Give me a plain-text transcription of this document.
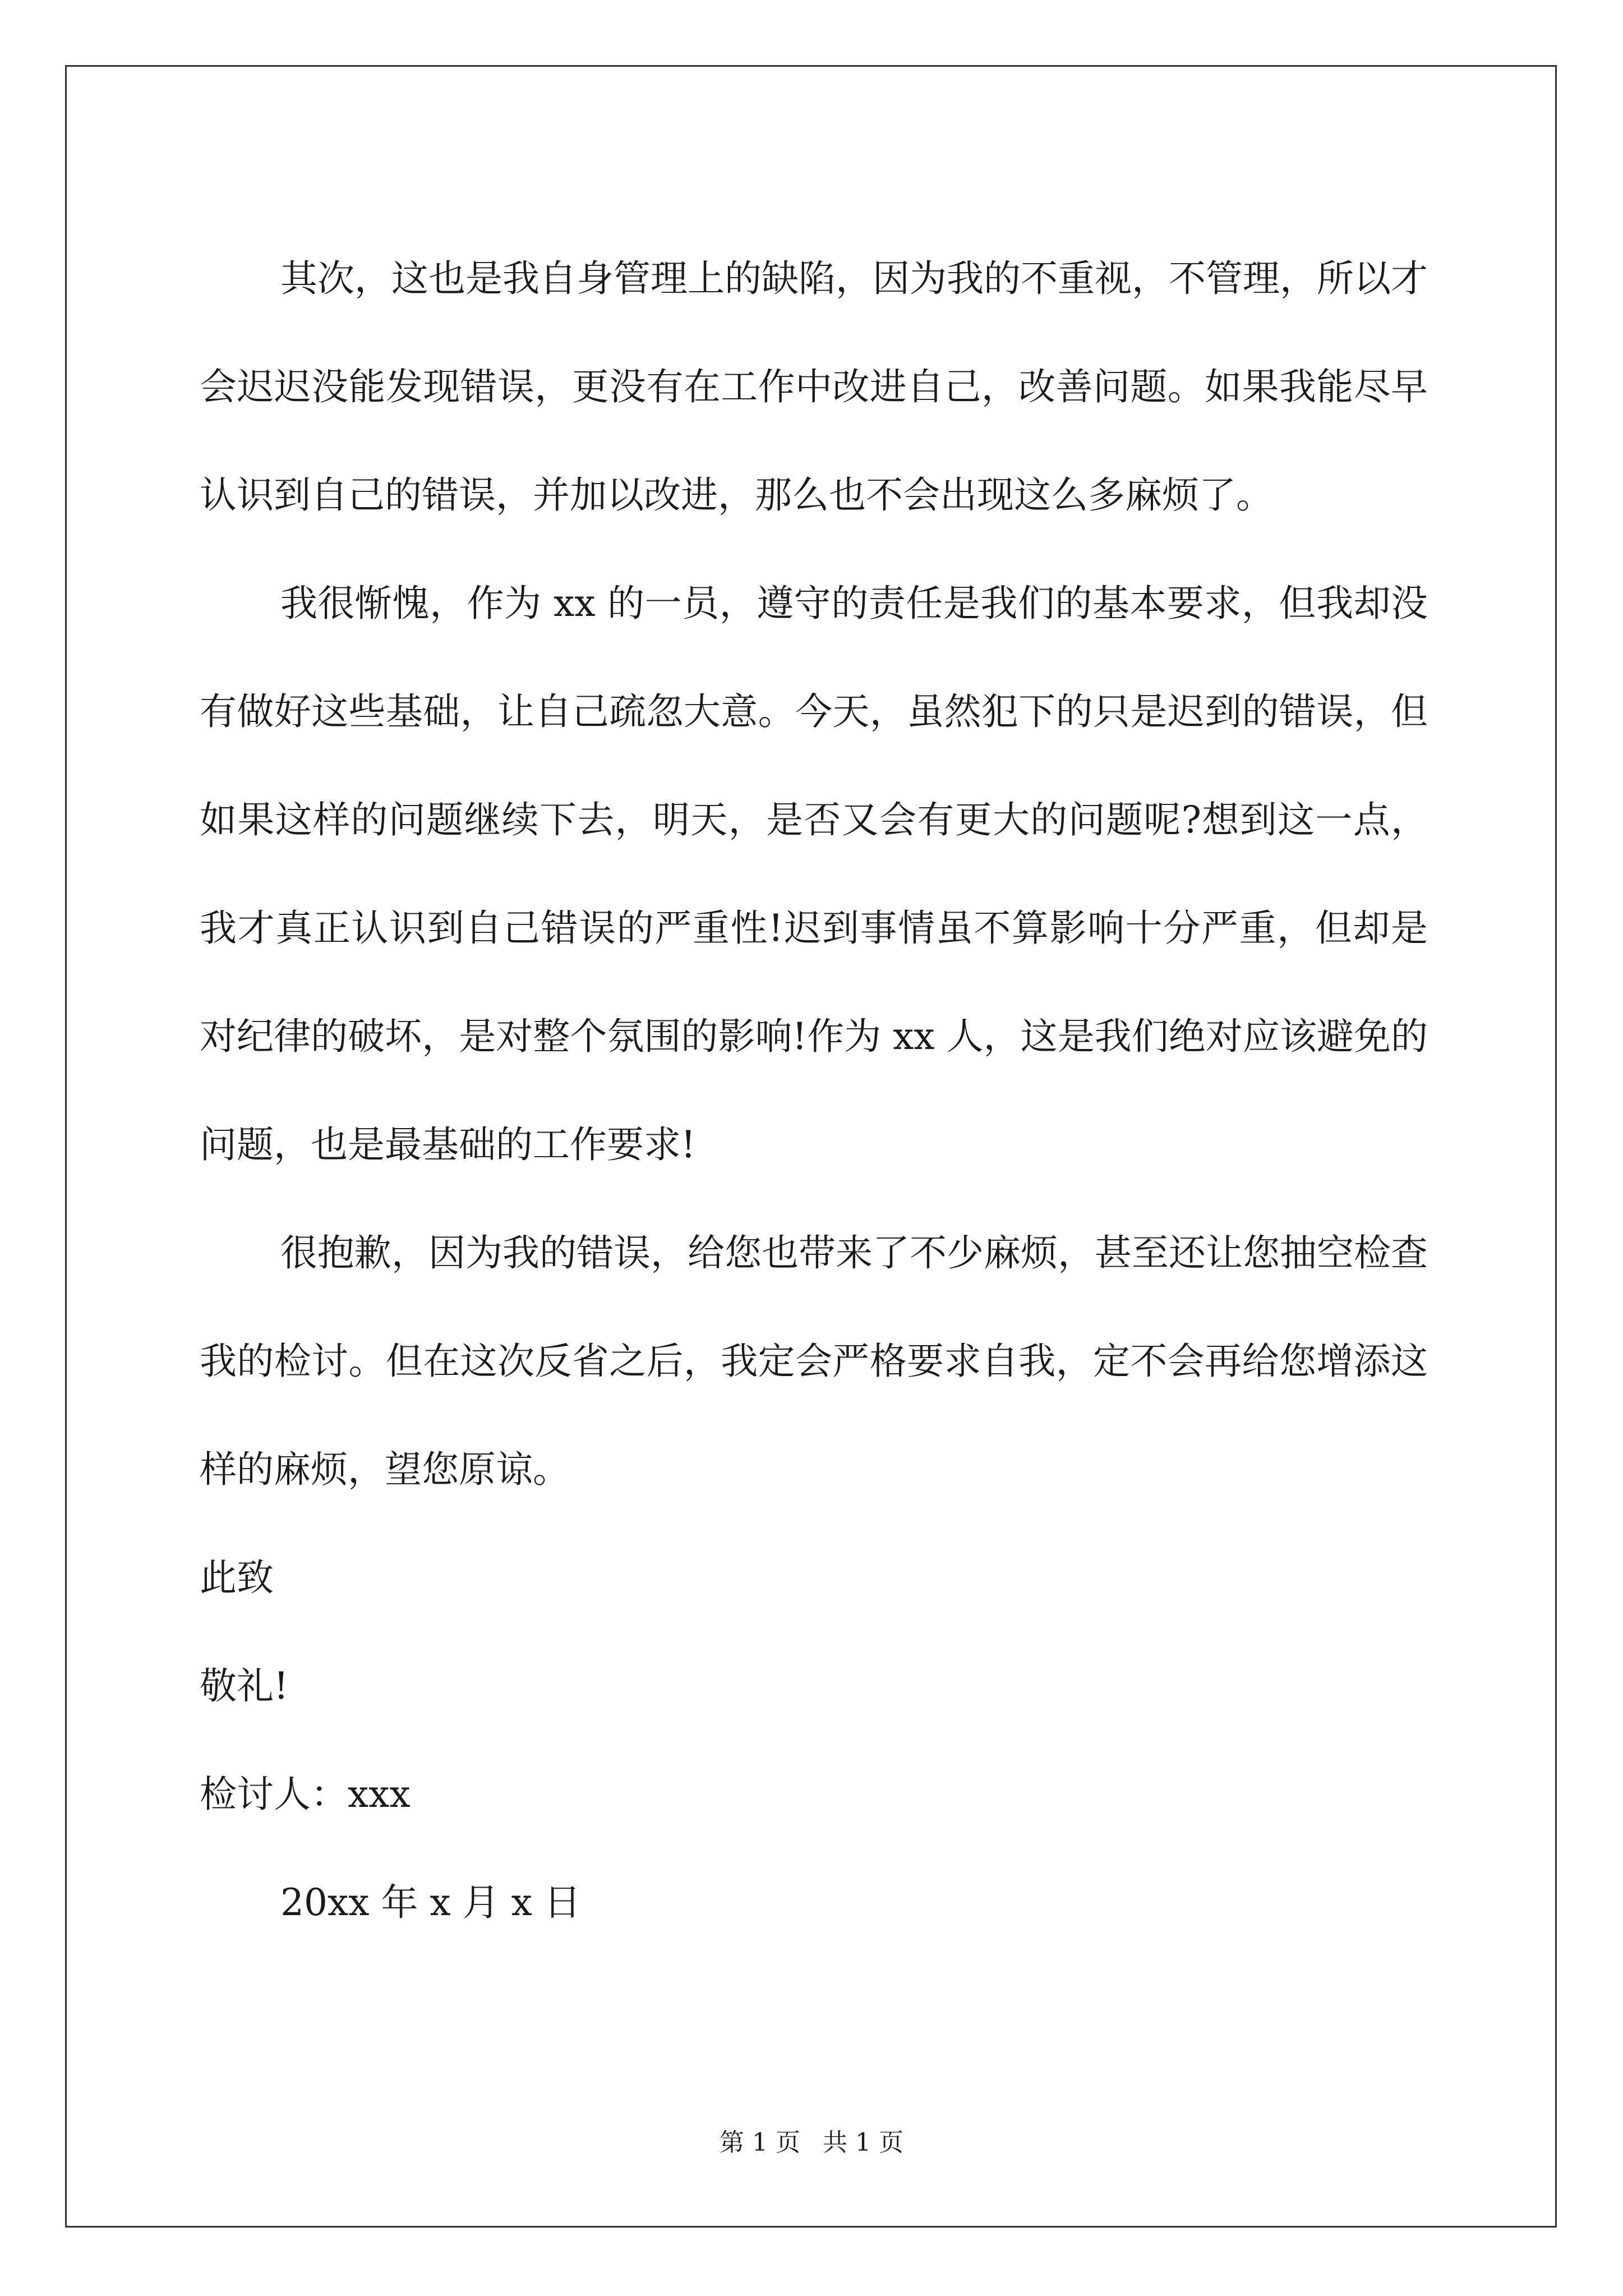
其次，这也是我自身管理上的缺陷，因为我的不重视，不管理，所以才会迟迟没能发现错误，更没有在工作中改进自己，改善问题。如果我能尽早认识到自己的错误，并加以改进，那么也不会出现这么多麻烦了。

我很惭愧，作为 xx 的一员，遵守的责任是我们的基本要求，但我却没有做好这些基础，让自己疏忽大意。今天，虽然犯下的只是迟到的错误，但如果这样的问题继续下去，明天，是否又会有更大的问题呢?想到这一点，我才真正认识到自己错误的严重性!迟到事情虽不算影响十分严重，但却是对纪律的破坏，是对整个氛围的影响!作为 xx 人，这是我们绝对应该避免的问题，也是最基础的工作要求!

很抱歉，因为我的错误，给您也带来了不少麻烦，甚至还让您抽空检查我的检讨。但在这次反省之后，我定会严格要求自我，定不会再给您增添这样的麻烦，望您原谅。

此致

敬礼!

检讨人：xxx

20xx 年 x 月 x 日

第 1 页 共 1 页
